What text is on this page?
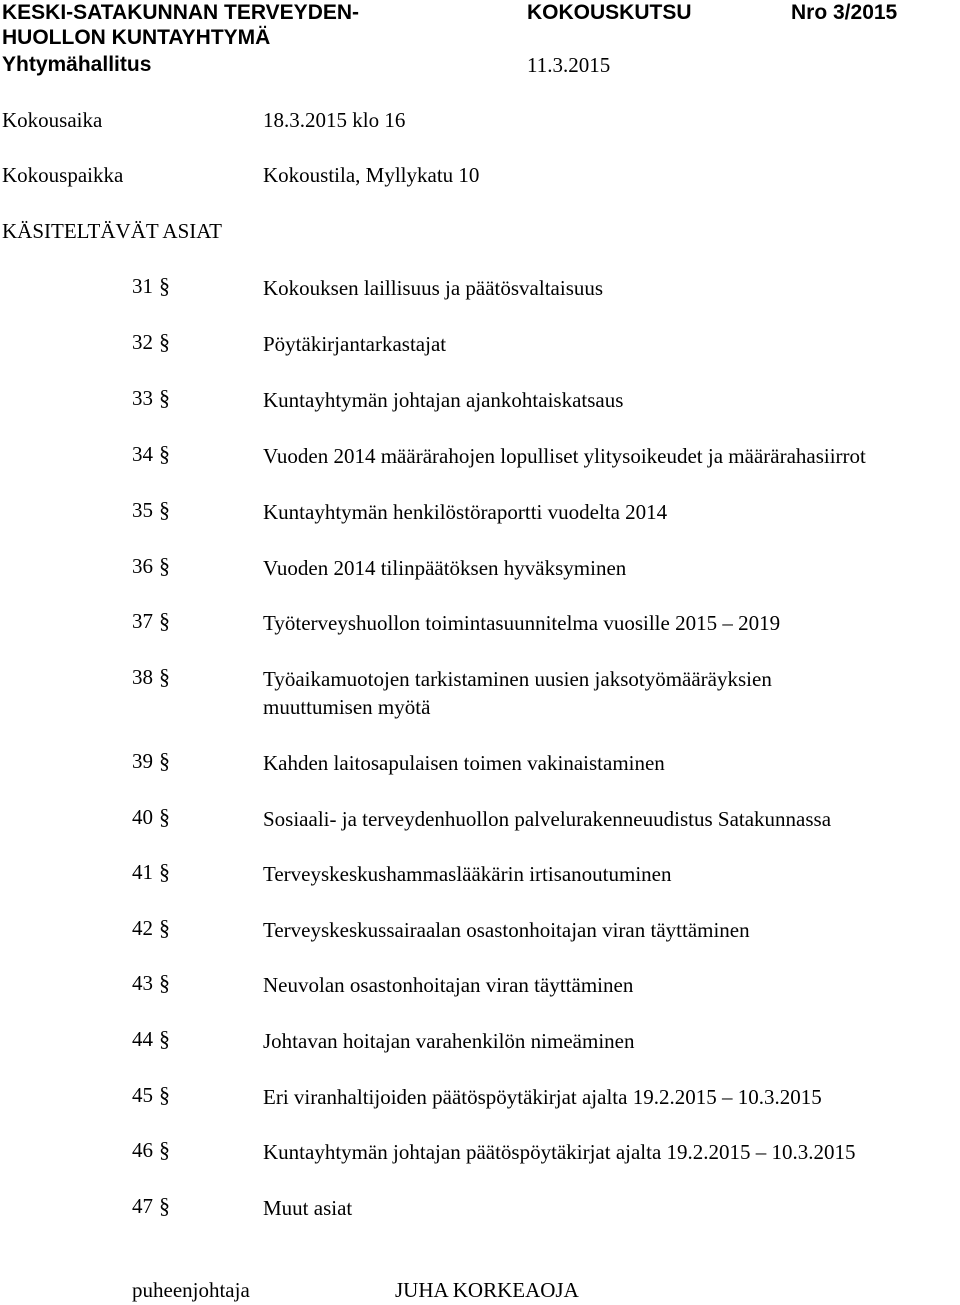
KESKI-SATAKUNNAN TERVEYDEN-
HUOLLON KUNTAYHTYMÄ
Yhtymähallitus
KOKOUSKUTSU	Nro 3/2015
11.3.2015
Kokousaika	18.3.2015 klo 16
Kokouspaikka	Kokoustila, Myllykatu 10
KÄSITELTÄVÄT ASIAT
31 §	Kokouksen laillisuus ja päätösvaltaisuus
32 §	Pöytäkirjantarkastajat
33 §	Kuntayhtymän johtajan ajankohtaiskatsaus
34 §	Vuoden 2014 määrärahojen lopulliset ylitysoikeudet ja määrärahasiirrot
35 §	Kuntayhtymän henkilöstöraportti vuodelta 2014
36 §	Vuoden 2014 tilinpäätöksen hyväksyminen
37 §	Työterveyshuollon toimintasuunnitelma vuosille 2015 – 2019
38 §	Työaikamuotojen tarkistaminen uusien jaksotyömääräyksien
muuttumisen myötä
39 §	Kahden laitosapulaisen toimen vakinaistaminen
40 §	Sosiaali- ja terveydenhuollon palvelurakenneuudistus Satakunnassa
41 §	Terveyskeskushammaslääkärin irtisanoutuminen
42 §	Terveyskeskussairaalan osastonhoitajan viran täyttäminen
43 §	Neuvolan osastonhoitajan viran täyttäminen
44 §	Johtavan hoitajan varahenkilön nimeäminen
45 §	Eri viranhaltijoiden päätöspöytäkirjat ajalta 19.2.2015 – 10.3.2015
46 §	Kuntayhtymän johtajan päätöspöytäkirjat ajalta 19.2.2015 – 10.3.2015
47 §	Muut asiat
puheenjohtaja	JUHA KORKEAOJA
